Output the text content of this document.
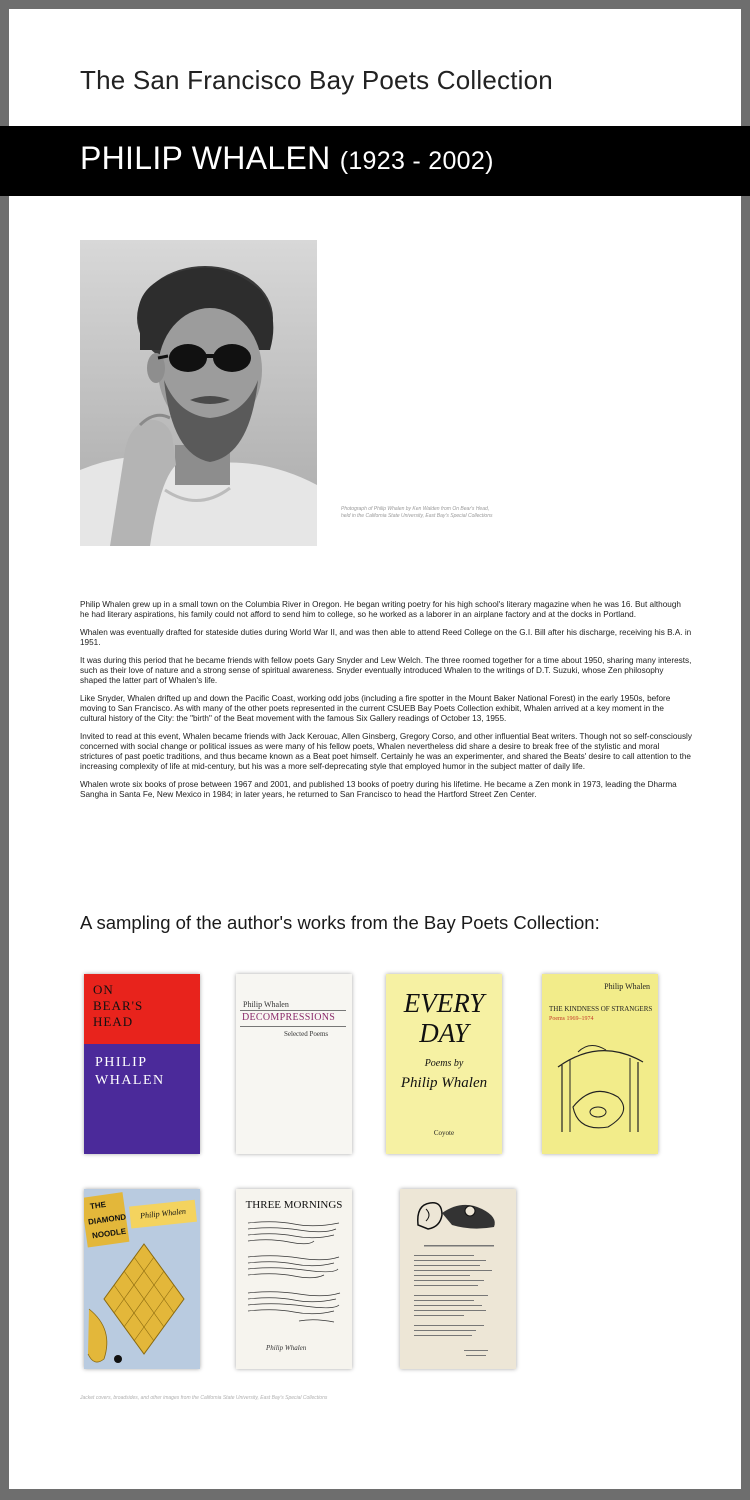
The San Francisco Bay Poets Collection
PHILIP WHALEN (1923 - 2002)
Photograph of Philip Whalen by Ken Walden from On Bear's Head,
held in the California State University, East Bay's Special Collections

Philip Whalen grew up in a small town on the Columbia River in Oregon. He began writing poetry for his high school's literary magazine when he was 16. But although he had literary aspirations, his family could not afford to send him to college, so he worked as a laborer in an airplane factory and at the docks in Portland.

Whalen was eventually drafted for stateside duties during World War II, and was then able to attend Reed College on the G.I. Bill after his discharge, receiving his B.A. in 1951.

It was during this period that he became friends with fellow poets Gary Snyder and Lew Welch. The three roomed together for a time about 1950, sharing many interests, such as their love of nature and a strong sense of spiritual awareness. Snyder eventually introduced Whalen to the writings of D.T. Suzuki, whose Zen philosophy shaped the latter part of Whalen's life.

Like Snyder, Whalen drifted up and down the Pacific Coast, working odd jobs (including a fire spotter in the Mount Baker National Forest) in the early 1950s, before moving to San Francisco. As with many of the other poets represented in the current CSUEB Bay Poets Collection exhibit, Whalen arrived at a key moment in the cultural history of the City: the "birth" of the Beat movement with the famous Six Gallery readings of October 13, 1955.

Invited to read at this event, Whalen became friends with Jack Kerouac, Allen Ginsberg, Gregory Corso, and other influential Beat writers. Though not so self-consciously concerned with social change or political issues as were many of his fellow poets, Whalen nevertheless did share a desire to break free of the stylistic and moral strictures of past poetic traditions, and thus became known as a Beat poet himself. Certainly he was an experimenter, and shared the Beats' desire to call attention to the increasing complexity of life at mid-century, but his was a more self-deprecating style that employed humor in the subject matter of daily life.

Whalen wrote six books of prose between 1967 and 2001, and published 13 books of poetry during his lifetime. He became a Zen monk in 1973, leading the Dharma Sangha in Santa Fe, New Mexico in 1984; in later years, he returned to San Francisco to head the Hartford Street Zen Center.

A sampling of the author's works from the Bay Poets Collection:
ON
BEAR'S
HEAD
PHILIP
WHALEN
Philip Whalen
DECOMPRESSIONS
Selected Poems
EVERY
DAY
Poems by
Philip Whalen
Coyote
Philip Whalen
THE KINDNESS OF STRANGERS
Poems 1969–1974
THE
DIAMOND
NOODLE
Philip Whalen
THREE MORNINGS
Philip Whalen
Jacket covers, broadsides, and other images from the California State University, East Bay's Special Collections
